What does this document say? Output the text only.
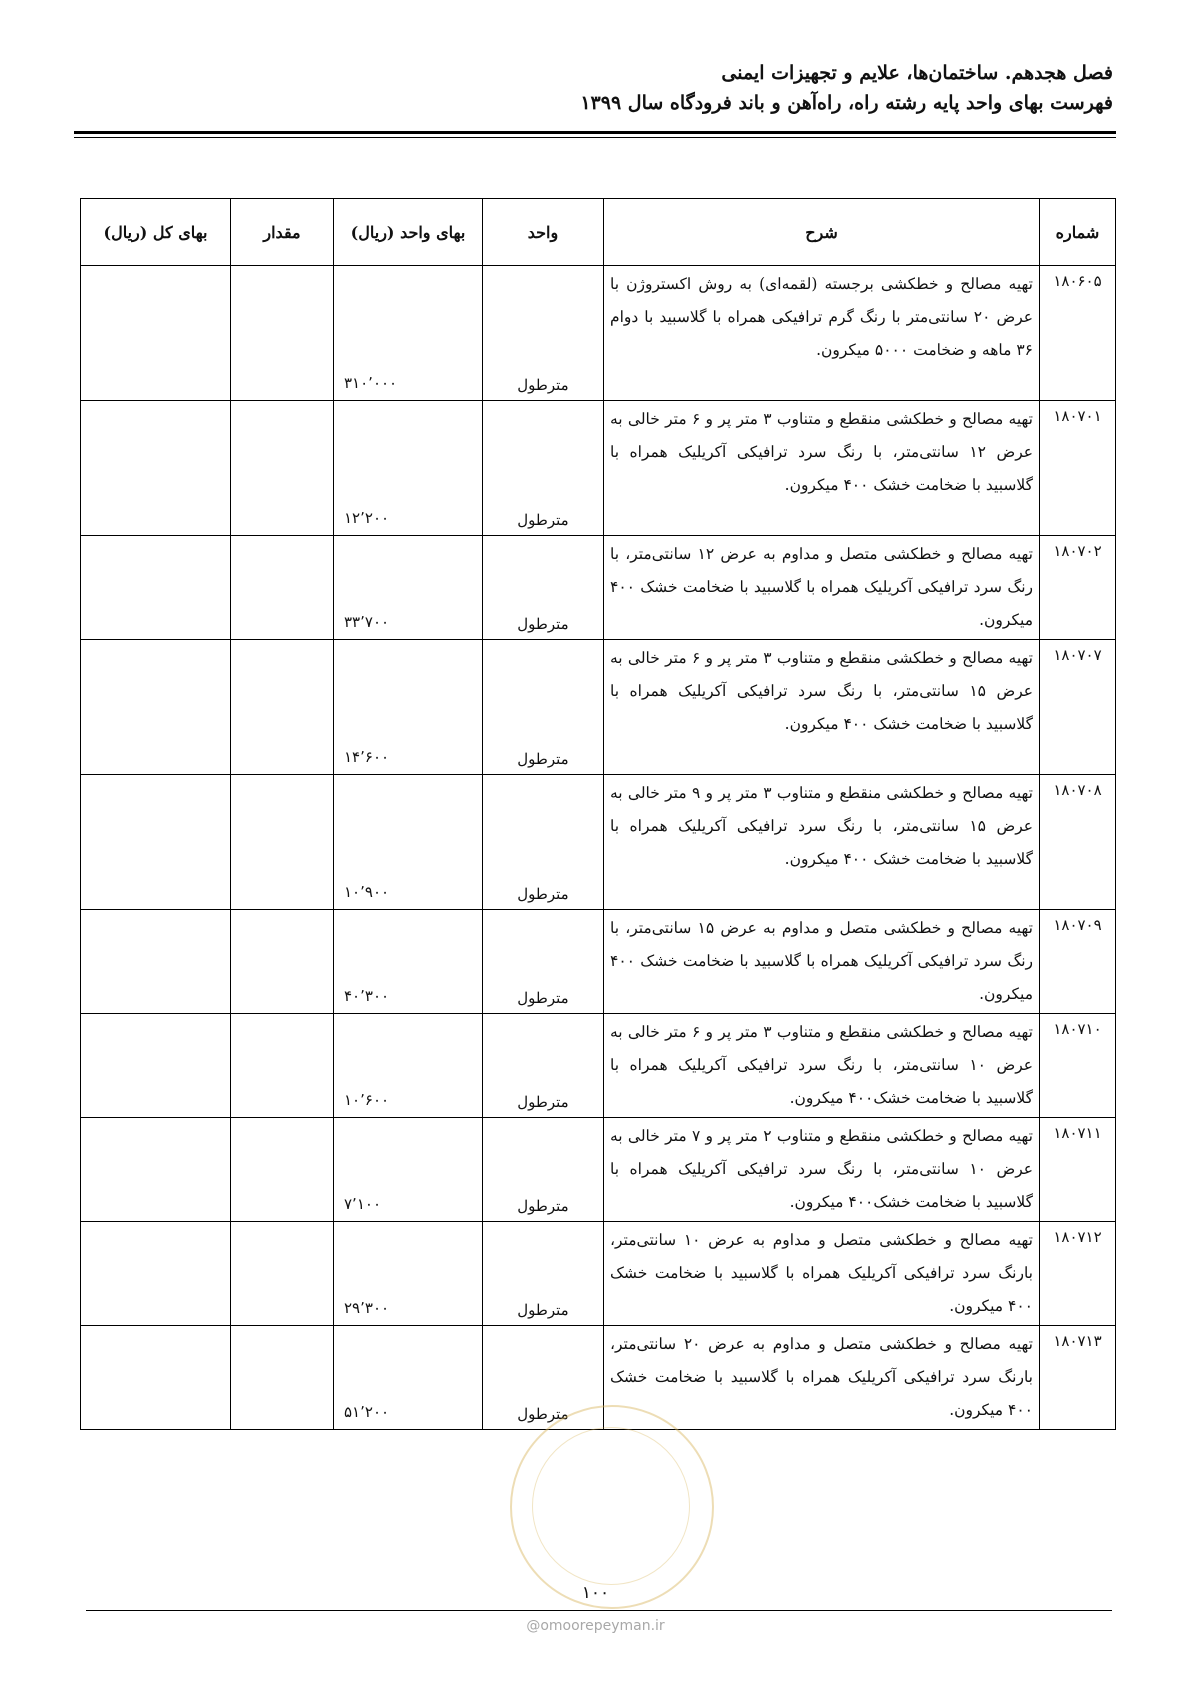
فصل هجدهم. ساختمان‌ها، علایم و تجهیزات ایمنی
فهرست بهای واحد پایه رشته راه، راه‌آهن و باند فرودگاه سال ۱۳۹۹
شماره	شرح	واحد	بهای واحد (ریال)	مقدار	بهای کل (ریال)
۱۸۰۶۰۵	تهیه مصالح و خطکشی برجسته (لقمه‌ای) به روش اکستروژن با عرض ۲۰ سانتی‌متر با رنگ گرم ترافیکی همراه با گلاسبید با دوام ۳۶ ماهه و ضخامت ۵۰۰۰ میکرون.	مترطول	۳۱۰٬۰۰۰		
۱۸۰۷۰۱	تهیه مصالح و خطکشی منقطع و متناوب ۳ متر پر و ۶ متر خالی به عرض ۱۲ سانتی‌متر، با رنگ سرد ترافیکی آکریلیک همراه با گلاسبید با ضخامت خشک ۴۰۰ میکرون.	مترطول	۱۲٬۲۰۰		
۱۸۰۷۰۲	تهیه مصالح و خطکشی متصل و مداوم به عرض ۱۲ سانتی‌متر، با رنگ سرد ترافیکی آکریلیک همراه با گلاسبید با ضخامت خشک ۴۰۰ میکرون.	مترطول	۳۳٬۷۰۰		
۱۸۰۷۰۷	تهیه مصالح و خطکشی منقطع و متناوب ۳ متر پر و ۶ متر خالی به عرض ۱۵ سانتی‌متر، با رنگ سرد ترافیکی آکریلیک همراه با گلاسبید با ضخامت خشک ۴۰۰ میکرون.	مترطول	۱۴٬۶۰۰		
۱۸۰۷۰۸	تهیه مصالح و خطکشی منقطع و متناوب ۳ متر پر و ۹ متر خالی به عرض ۱۵ سانتی‌متر، با رنگ سرد ترافیکی آکریلیک همراه با گلاسبید با ضخامت خشک ۴۰۰ میکرون.	مترطول	۱۰٬۹۰۰		
۱۸۰۷۰۹	تهیه مصالح و خطکشی متصل و مداوم به عرض ۱۵ سانتی‌متر، با رنگ سرد ترافیکی آکریلیک همراه با گلاسبید با ضخامت خشک ۴۰۰ میکرون.	مترطول	۴۰٬۳۰۰		
۱۸۰۷۱۰	تهیه مصالح و خطکشی منقطع و متناوب ۳ متر پر و ۶ متر خالی به عرض ۱۰ سانتی‌متر، با رنگ سرد ترافیکی آکریلیک همراه با گلاسبید با ضخامت خشک۴۰۰ میکرون.	مترطول	۱۰٬۶۰۰		
۱۸۰۷۱۱	تهیه مصالح و خطکشی منقطع و متناوب ۲ متر پر و ۷ متر خالی به عرض ۱۰ سانتی‌متر، با رنگ سرد ترافیکی آکریلیک همراه با گلاسبید با ضخامت خشک۴۰۰ میکرون.	مترطول	۷٬۱۰۰		
۱۸۰۷۱۲	تهیه مصالح و خطکشی متصل و مداوم به عرض ۱۰ سانتی‌متر، بارنگ سرد ترافیکی آکریلیک همراه با گلاسبید با ضخامت خشک ۴۰۰ میکرون.	مترطول	۲۹٬۳۰۰		
۱۸۰۷۱۳	تهیه مصالح و خطکشی متصل و مداوم به عرض ۲۰ سانتی‌متر، بارنگ سرد ترافیکی آکریلیک همراه با گلاسبید با ضخامت خشک ۴۰۰ میکرون.	مترطول	۵۱٬۲۰۰		
۱۰۰
@omoorepeyman.ir
